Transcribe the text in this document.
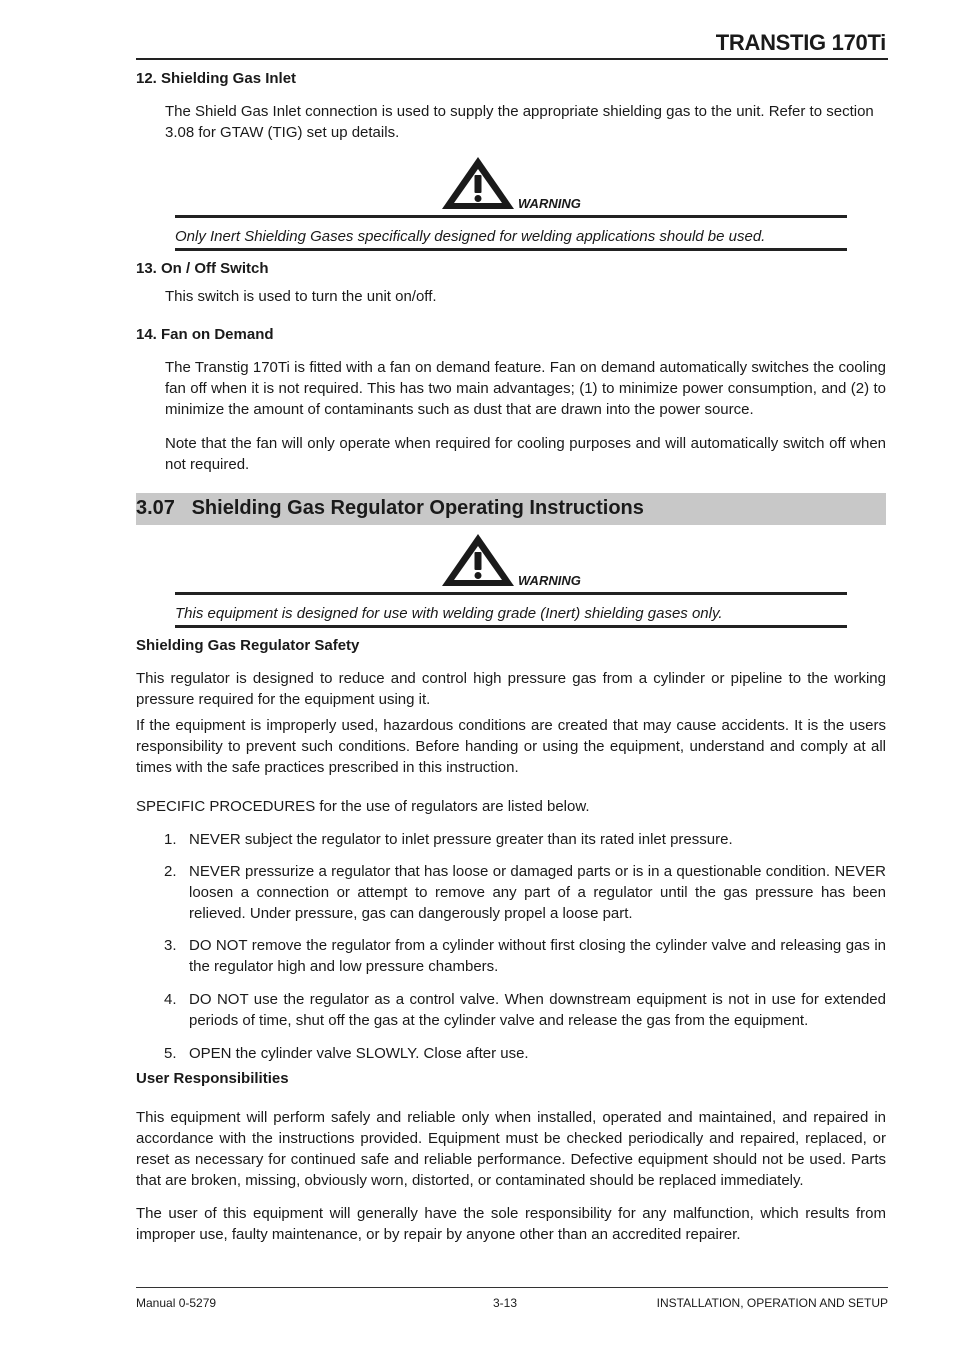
TRANSTIG 170Ti
12. Shielding Gas Inlet

The Shield Gas Inlet connection is used to supply the appropriate shielding gas to the unit. Refer to section 3.08 for GTAW (TIG) set up details.

WARNING
Only Inert Shielding Gases specifically designed for welding applications should be used.
13. On / Off Switch

This switch is used to turn the unit on/off.

14. Fan on Demand

The Transtig 170Ti is fitted with a fan on demand feature. Fan on demand automatically switches the cooling fan off when it is not required. This has two main advantages; (1) to minimize power consumption, and (2) to minimize the amount of contaminants such as dust that are drawn into the power source.

Note that the fan will only operate when required for cooling purposes and will automatically switch off when not required.

3.07   Shielding Gas Regulator Operating Instructions
WARNING
This equipment is designed for use with welding grade (Inert) shielding gases only.
Shielding Gas Regulator Safety

This regulator is designed to reduce and control high pressure gas from a cylinder or pipeline to the working pressure required for the equipment using it.

If the equipment is improperly used, hazardous conditions are created that may cause accidents. It is the users responsibility to prevent such conditions. Before handing or using the equipment, understand and comply at all times with the safe practices prescribed in this instruction.

SPECIFIC PROCEDURES for the use of regulators are listed below.

1. NEVER subject the regulator to inlet pressure greater than its rated inlet pressure.

2. NEVER pressurize a regulator that has loose or damaged parts or is in a questionable condition. NEVER loosen a connection or attempt to remove any part of a regulator until the gas pressure has been relieved. Under pressure, gas can dangerously propel a loose part.

3. DO NOT remove the regulator from a cylinder without first closing the cylinder valve and releasing gas in the regulator high and low pressure chambers.

4. DO NOT use the regulator as a control valve. When downstream equipment is not in use for extended periods of time, shut off the gas at the cylinder valve and release the gas from the equipment.

5. OPEN the cylinder valve SLOWLY. Close after use.

User Responsibilities

This equipment will perform safely and reliable only when installed, operated and maintained, and repaired in accordance with the instructions provided. Equipment must be checked periodically and repaired, replaced, or reset as necessary for continued safe and reliable performance. Defective equipment should not be used. Parts that are broken, missing, obviously worn, distorted, or contaminated should be replaced immediately.

The user of this equipment will generally have the sole responsibility for any malfunction, which results from improper use, faulty maintenance, or by repair by anyone other than an accredited repairer.

Manual 0-5279	3-13	INSTALLATION, OPERATION AND SETUP
